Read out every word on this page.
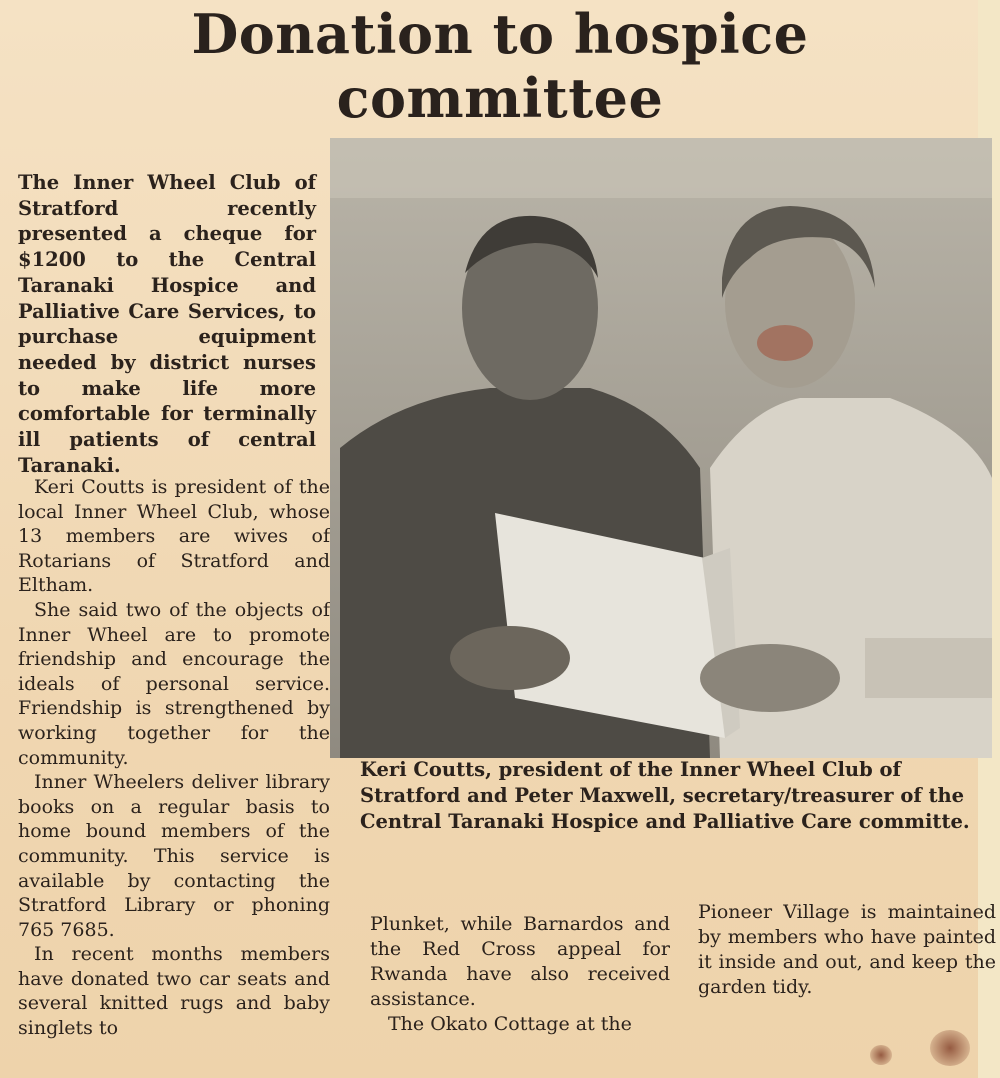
Donation to hospice
committee
The Inner Wheel Club of Stratford recently presented a cheque for $1200 to the Central Taranaki Hospice and Palliative Care Services, to purchase equipment needed by district nurses to make life more comfortable for terminally ill patients of central Taranaki.

Keri Coutts is president of the local Inner Wheel Club, whose 13 members are wives of Rotarians of Stratford and Eltham.

She said two of the objects of Inner Wheel are to promote friendship and encourage the ideals of personal service. Friendship is strengthened by working together for the community.

Inner Wheelers deliver library books on a regular basis to home bound members of the community. This service is available by contacting the Stratford Library or phoning 765 7685.

In recent months members have donated two car seats and several knitted rugs and baby singlets to

Keri Coutts, president of the Inner Wheel Club of Stratford and Peter Maxwell, secretary/treasurer of the Central Taranaki Hospice and Palliative Care committe.

Plunket, while Barnardos and the Red Cross appeal for Rwanda have also received assistance.

The Okato Cottage at the

Pioneer Village is maintained by members who have painted it inside and out, and keep the garden tidy.
